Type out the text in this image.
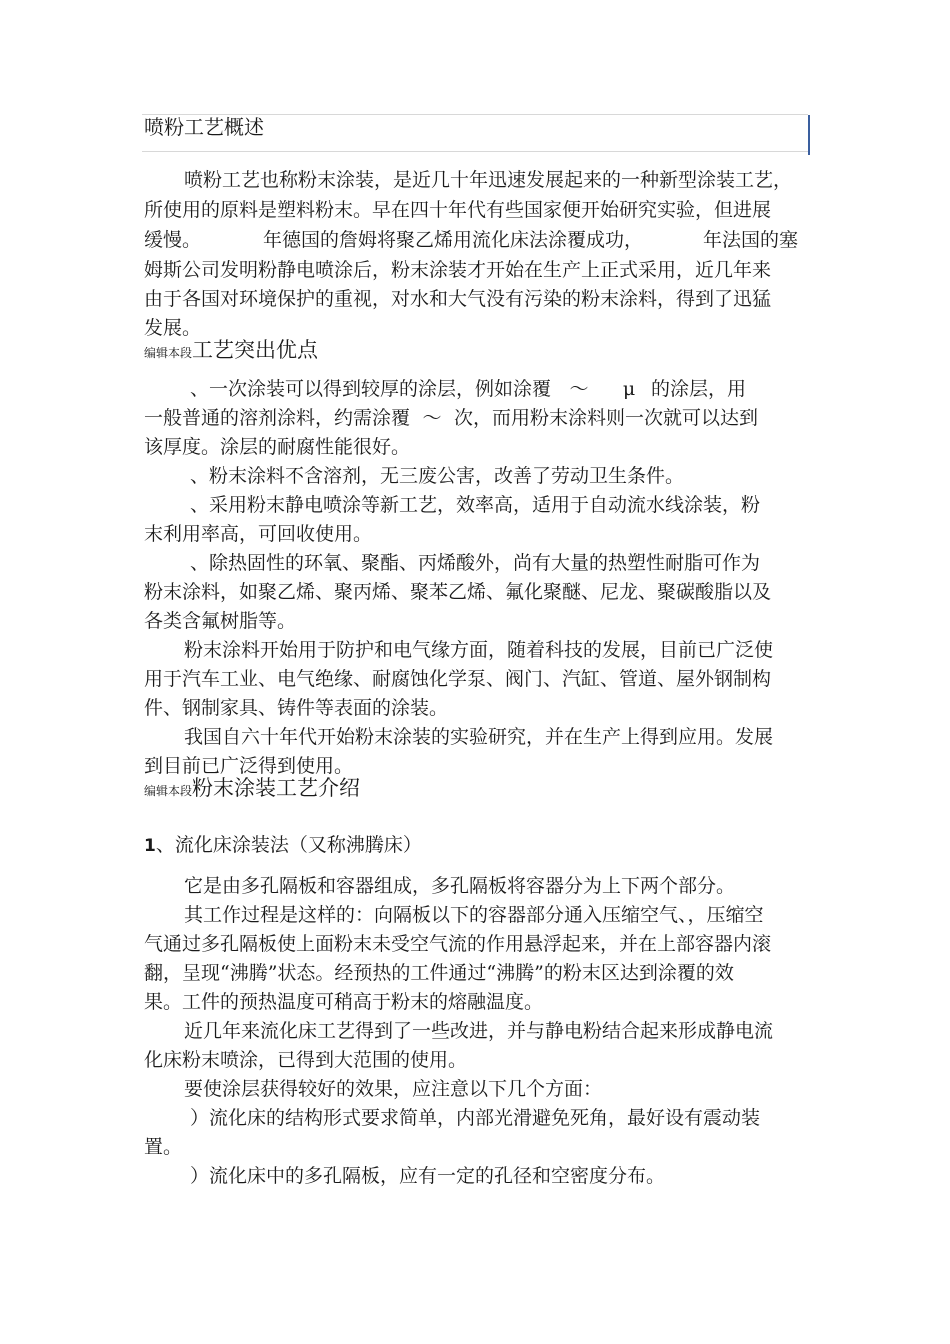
喷粉工艺概述
喷粉工艺也称粉末涂装，是近几十年迅速发展起来的一种新型涂装工艺，
所使用的原料是塑料粉末。早在四十年代有些国家便开始研究实验，但进展
缓慢。	年德国的詹姆将聚乙烯用流化床法涂覆成功，	年法国的塞
姆斯公司发明粉静电喷涂后，粉末涂装才开始在生产上正式采用，近几年来
由于各国对环境保护的重视，对水和大气没有污染的粉末涂料，得到了迅猛
发展。
编辑本段工艺突出优点
、一次涂装可以得到较厚的涂层，例如涂覆 ～ μ 的涂层，用
一般普通的溶剂涂料，约需涂覆 ～ 次，而用粉末涂料则一次就可以达到
该厚度。涂层的耐腐性能很好。
、粉末涂料不含溶剂，无三废公害，改善了劳动卫生条件。
、采用粉末静电喷涂等新工艺，效率高，适用于自动流水线涂装，粉
末利用率高，可回收使用。
、除热固性的环氧、聚酯、丙烯酸外，尚有大量的热塑性耐脂可作为
粉末涂料，如聚乙烯、聚丙烯、聚苯乙烯、氟化聚醚、尼龙、聚碳酸脂以及
各类含氟树脂等。
粉末涂料开始用于防护和电气缘方面，随着科技的发展，目前已广泛使
用于汽车工业、电气绝缘、耐腐蚀化学泵、阀门、汽缸、管道、屋外钢制构
件、钢制家具、铸件等表面的涂装。
我国自六十年代开始粉末涂装的实验研究，并在生产上得到应用。发展
到目前已广泛得到使用。
编辑本段粉末涂装工艺介绍
1、流化床涂装法（又称沸腾床）
它是由多孔隔板和容器组成，多孔隔板将容器分为上下两个部分。
其工作过程是这样的：向隔板以下的容器部分通入压缩空气、，压缩空
气通过多孔隔板使上面粉末未受空气流的作用悬浮起来，并在上部容器内滚
翻，呈现“沸腾”状态。经预热的工件通过“沸腾”的粉末区达到涂覆的效
果。工件的预热温度可稍高于粉末的熔融温度。
近几年来流化床工艺得到了一些改进，并与静电粉结合起来形成静电流
化床粉末喷涂，已得到大范围的使用。
要使涂层获得较好的效果，应注意以下几个方面：
）流化床的结构形式要求简单，内部光滑避免死角，最好设有震动装
置。
）流化床中的多孔隔板，应有一定的孔径和空密度分布。
